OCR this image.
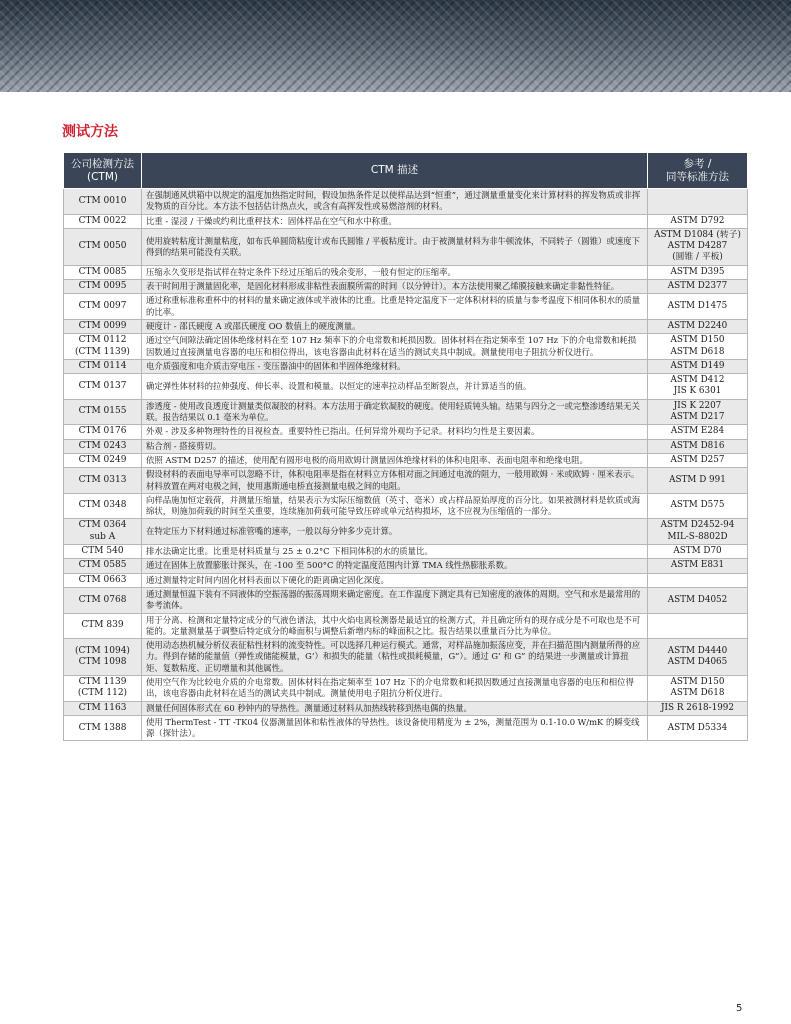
测试方法
公司检测方法
(CTM)	CTM 描述	参考 /
同等标准方法
CTM 0010	在强制通风烘箱中以规定的温度加热指定时间，假设加热条件足以使样品达到“恒重”，通过测量重量变化来计算材料的挥发物质或非挥发物质的百分比。本方法不包括估计热点火，或含有高挥发性或易燃溶剂的材料。	
CTM 0022	比重 - 湿浸 / 干燥或约利比重秤技术：固体样品在空气和水中称重。	ASTM D792
CTM 0050	使用旋转粘度计测量粘度，如布氏单圆筒粘度计或布氏圆锥 / 平板粘度计。由于被测量材料为非牛顿流体，不同转子（圆锥）或速度下得到的结果可能没有关联。	ASTM D1084 (转子)
ASTM D4287
(圆锥 / 平板)
CTM 0085	压缩永久变形是指试样在特定条件下经过压缩后的残余变形，一般有恒定的压缩率。	ASTM D395
CTM 0095	表干时间用于测量固化率，是固化材料形成非粘性表面膜所需的时间（以分钟计）。本方法使用聚乙烯膜接触来确定非黏性特征。	ASTM D2377
CTM 0097	通过称重标准称重杯中的材料的量来确定液体或半液体的比重。比重是特定温度下一定体积材料的质量与参考温度下相同体积水的质量的比率。	ASTM D1475
CTM 0099	硬度计 - 邵氏硬度 A 或邵氏硬度 OO 数值上的硬度测量。	ASTM D2240
CTM 0112
(CTM 1139)	通过空气间隙法确定固体绝缘材料在至 107 Hz 频率下的介电常数和耗损因数。固体材料在指定频率至 107 Hz 下的介电常数和耗损因数通过直接测量电容器的电压和相位得出，该电容器由此材料在适当的测试夹具中制成。测量使用电子阻抗分析仪进行。	ASTM D150
ASTM D618
CTM 0114	电介质强度和电介质击穿电压 - 变压器油中的固体和半固体绝缘材料。	ASTM D149
CTM 0137	确定弹性体材料的拉伸强度、伸长率、设置和模量。以恒定的速率拉动样品至断裂点，并计算适当的值。	ASTM D412
JIS K 6301
CTM 0155	渗透度 - 使用改良透度计测量类似凝胶的材料。本方法用于确定软凝胶的硬度。使用轻质钝头轴。结果与四分之一或完整渗透结果无关联。报告结果以 0.1 毫米为单位。	JIS K 2207
ASTM D217
CTM 0176	外观 - 涉及多种物理特性的目视检查。重要特性已指出。任何异常外观均予记录。材料均匀性是主要因素。	ASTM E284
CTM 0243	粘合剂 - 搭接剪切。	ASTM D816
CTM 0249	依照 ASTM D257 的描述，使用配有圆形电极的商用欧姆计测量固体绝缘材料的体积电阻率、表面电阻率和绝缘电阻。	ASTM D257
CTM 0313	假设材料的表面电导率可以忽略不计，体积电阻率是指在材料立方体相对面之间通过电流的阻力，一般用欧姆 · 米或欧姆 · 厘米表示。材料放置在两对电极之间，使用惠斯通电桥直接测量电极之间的电阻。	ASTM D 991
CTM 0348	向样品施加恒定载荷，并测量压缩量，结果表示为实际压缩数值（英寸、毫米）或占样品原始厚度的百分比。如果被测材料是软质或海绵状，则施加荷载的时间至关重要，连续施加荷载可能导致压碎或单元结构损坏，这不应视为压缩值的一部分。	ASTM D575
CTM 0364
sub A	在特定压力下材料通过标准管嘴的速率，一般以每分钟多少克计算。	ASTM D2452-94
MIL-S-8802D
CTM 540	排水法确定比重。比重是材料质量与 25 ± 0.2°C 下相同体积的水的质量比。	ASTM D70
CTM 0585	通过在固体上放置膨胀计探头，在 -100 至 500°C 的特定温度范围内计算 TMA 线性热膨胀系数。	ASTM E831
CTM 0663	通过测量特定时间内固化材料表面以下硬化的距离确定固化深度。	
CTM 0768	通过测量恒温下装有不同液体的空振荡器的振荡周期来确定密度。在工作温度下测定具有已知密度的液体的周期。空气和水是最常用的参考流体。	ASTM D4052
CTM 839	用于分离、检测和定量特定成分的气液色谱法，其中火焰电离检测器是最适宜的检测方式，并且确定所有的现存成分是不可取也是不可能的。定量测量基于调整后特定成分的峰面积与调整后新增内标的峰面积之比。报告结果以重量百分比为单位。	
(CTM 1094)
CTM 1098	使用动态热机械分析仪表征粘性材料的流变特性。可以选择几种运行模式。通常，对样品施加振荡应变，并在扫描范围内测量所得的应力。得到存储的能量值（弹性或储能模量，G’）和损失的能量（粘性或损耗模量，G”）。通过 G’ 和 G” 的结果进一步测量或计算扭矩、复数粘度、正切增量和其他属性。	ASTM D4440
ASTM D4065
CTM 1139
(CTM 112)	使用空气作为比较电介质的介电常数。固体材料在指定频率至 107 Hz 下的介电常数和耗损因数通过直接测量电容器的电压和相位得出，该电容器由此材料在适当的测试夹具中制成。测量使用电子阻抗分析仪进行。	ASTM D150
ASTM D618
CTM 1163	测量任何固体形式在 60 秒钟内的导热性。测量通过材料从加热线转移到热电偶的热量。	JIS R 2618-1992
CTM 1388	使用 ThermTest - TT -TK04 仪器测量固体和粘性液体的导热性。该设备使用精度为 ± 2%，测量范围为 0.1-10.0 W/mK 的瞬变线源（探针法）。	ASTM D5334
5
